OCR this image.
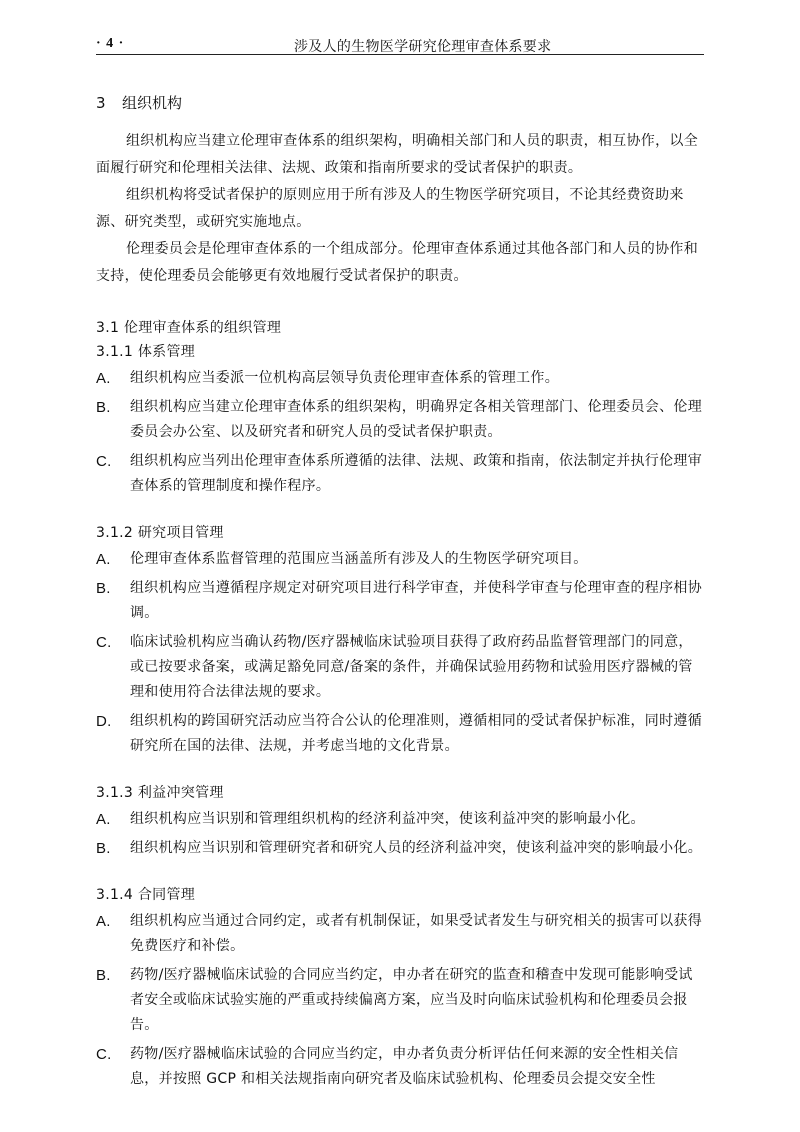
· 4 ·	涉及人的生物医学研究伦理审查体系要求
3 组织机构

组织机构应当建立伦理审查体系的组织架构，明确相关部门和人员的职责，相互协作，以全面履行研究和伦理相关法律、法规、政策和指南所要求的受试者保护的职责。

组织机构将受试者保护的原则应用于所有涉及人的生物医学研究项目，不论其经费资助来源、研究类型，或研究实施地点。

伦理委员会是伦理审查体系的一个组成部分。伦理审查体系通过其他各部门和人员的协作和支持，使伦理委员会能够更有效地履行受试者保护的职责。

3.1 伦理审查体系的组织管理
3.1.1 体系管理
A. 组织机构应当委派一位机构高层领导负责伦理审查体系的管理工作。
B. 组织机构应当建立伦理审查体系的组织架构，明确界定各相关管理部门、伦理委员会、伦理委员会办公室、以及研究者和研究人员的受试者保护职责。
C. 组织机构应当列出伦理审查体系所遵循的法律、法规、政策和指南，依法制定并执行伦理审查体系的管理制度和操作程序。
3.1.2 研究项目管理
A. 伦理审查体系监督管理的范围应当涵盖所有涉及人的生物医学研究项目。
B. 组织机构应当遵循程序规定对研究项目进行科学审查，并使科学审查与伦理审查的程序相协调。
C. 临床试验机构应当确认药物/医疗器械临床试验项目获得了政府药品监督管理部门的同意，或已按要求备案，或满足豁免同意/备案的条件，并确保试验用药物和试验用医疗器械的管理和使用符合法律法规的要求。
D. 组织机构的跨国研究活动应当符合公认的伦理准则，遵循相同的受试者保护标准，同时遵循研究所在国的法律、法规，并考虑当地的文化背景。
3.1.3 利益冲突管理
A. 组织机构应当识别和管理组织机构的经济利益冲突，使该利益冲突的影响最小化。
B. 组织机构应当识别和管理研究者和研究人员的经济利益冲突，使该利益冲突的影响最小化。
3.1.4 合同管理
A. 组织机构应当通过合同约定，或者有机制保证，如果受试者发生与研究相关的损害可以获得免费医疗和补偿。
B. 药物/医疗器械临床试验的合同应当约定，申办者在研究的监查和稽查中发现可能影响受试者安全或临床试验实施的严重或持续偏离方案，应当及时向临床试验机构和伦理委员会报告。
C. 药物/医疗器械临床试验的合同应当约定，申办者负责分析评估任何来源的安全性相关信息，并按照 GCP 和相关法规指南向研究者及临床试验机构、伦理委员会提交安全性
